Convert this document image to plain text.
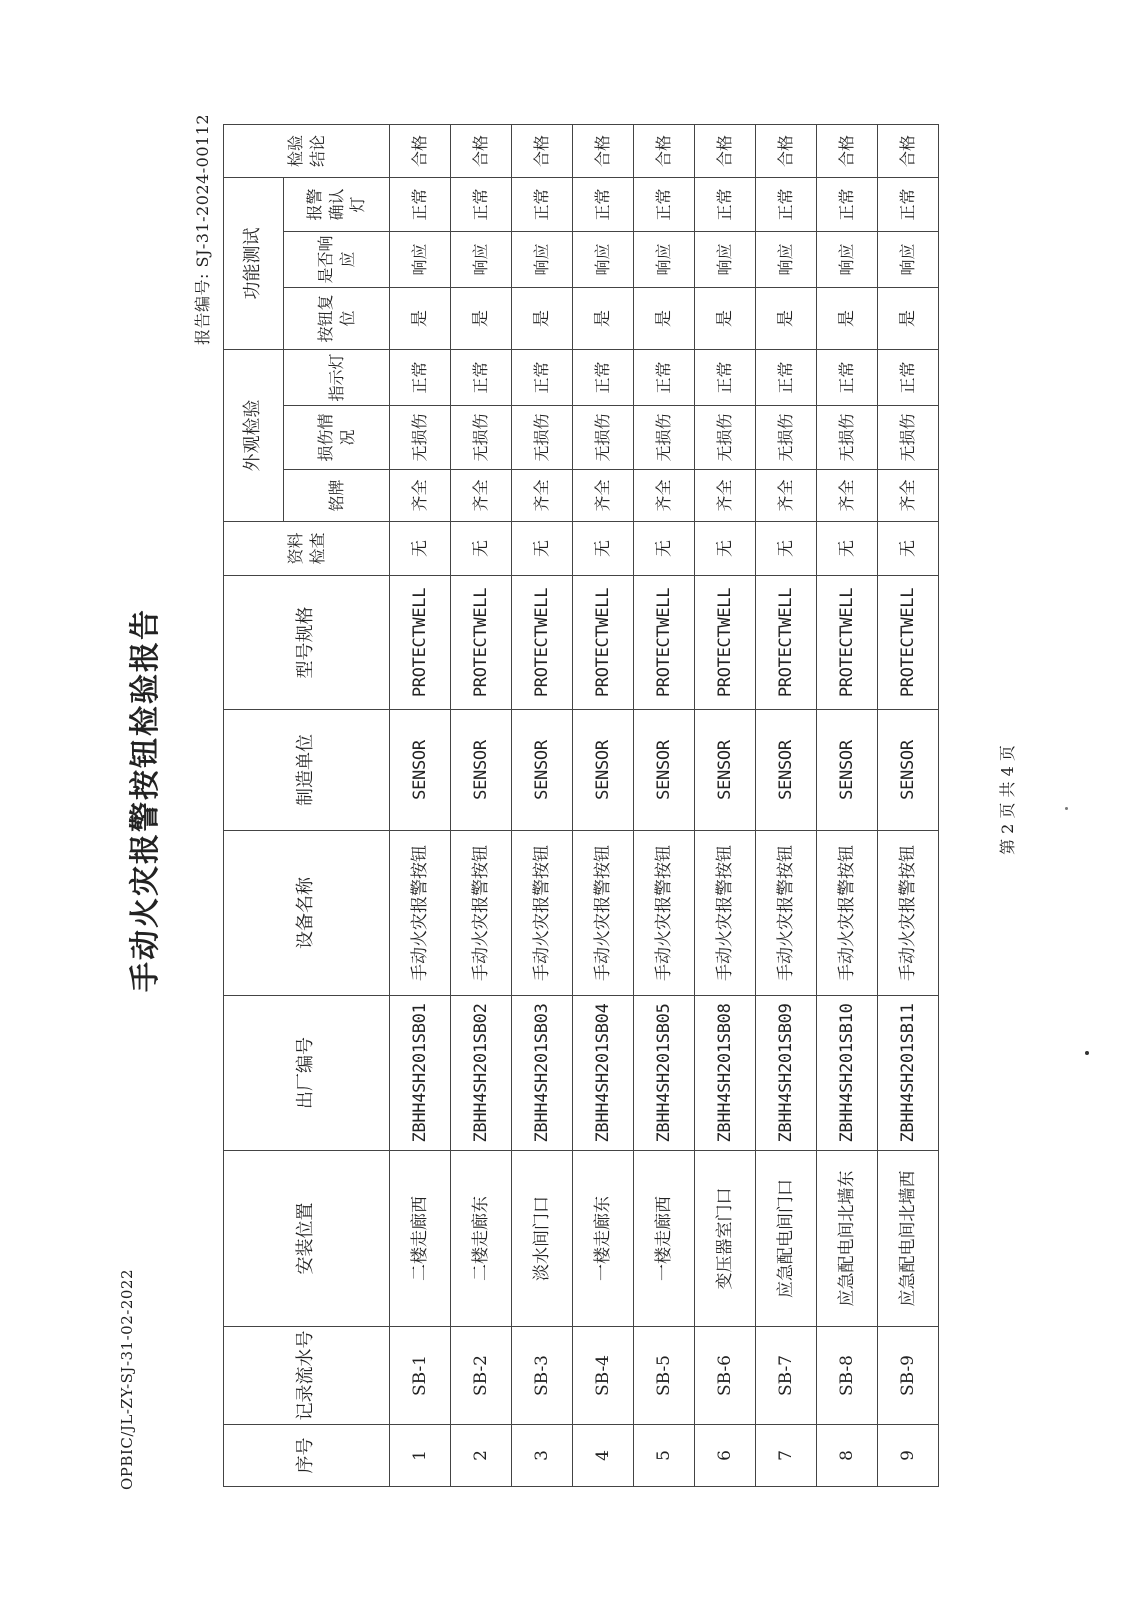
OPBIC/JL-ZY-SJ-31-02-2022
手动火灾报警按钮检验报告
报告编号: SJ-31-2024-00112
序号	记录流水号	安装位置	出厂编号	设备名称	制造单位	型号规格	资料检查	外观检验			功能测试			检验结论
								铭牌	损伤情况	指示灯	按钮复位	是否响应	报警确认灯	
1	SB-1	二楼走廊西	ZBHH4SH201SB01	手动火灾报警按钮	SENSOR	PROTECTWELL	无	齐全	无损伤	正常	是	响应	正常	合格
2	SB-2	二楼走廊东	ZBHH4SH201SB02	手动火灾报警按钮	SENSOR	PROTECTWELL	无	齐全	无损伤	正常	是	响应	正常	合格
3	SB-3	淡水间门口	ZBHH4SH201SB03	手动火灾报警按钮	SENSOR	PROTECTWELL	无	齐全	无损伤	正常	是	响应	正常	合格
4	SB-4	一楼走廊东	ZBHH4SH201SB04	手动火灾报警按钮	SENSOR	PROTECTWELL	无	齐全	无损伤	正常	是	响应	正常	合格
5	SB-5	一楼走廊西	ZBHH4SH201SB05	手动火灾报警按钮	SENSOR	PROTECTWELL	无	齐全	无损伤	正常	是	响应	正常	合格
6	SB-6	变压器室门口	ZBHH4SH201SB08	手动火灾报警按钮	SENSOR	PROTECTWELL	无	齐全	无损伤	正常	是	响应	正常	合格
7	SB-7	应急配电间门口	ZBHH4SH201SB09	手动火灾报警按钮	SENSOR	PROTECTWELL	无	齐全	无损伤	正常	是	响应	正常	合格
8	SB-8	应急配电间北墙东	ZBHH4SH201SB10	手动火灾报警按钮	SENSOR	PROTECTWELL	无	齐全	无损伤	正常	是	响应	正常	合格
9	SB-9	应急配电间北墙西	ZBHH4SH201SB11	手动火灾报警按钮	SENSOR	PROTECTWELL	无	齐全	无损伤	正常	是	响应	正常	合格
第 2 页 共 4 页
